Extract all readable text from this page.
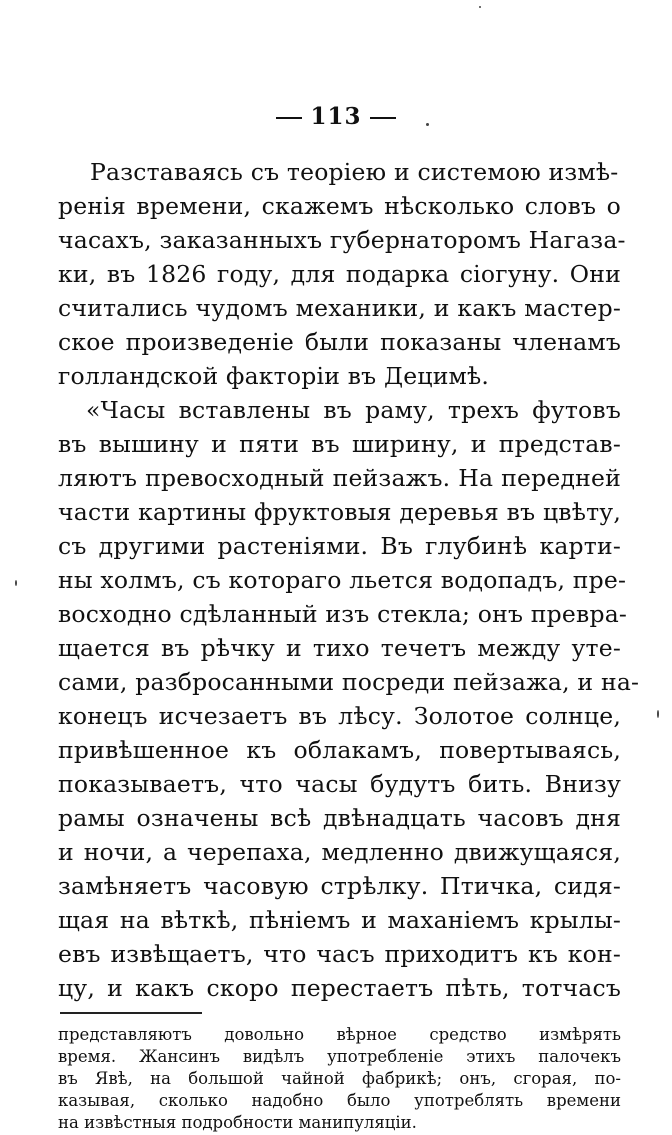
113
Разставаясь съ теоріею и системою измѣ-
ренія времени, скажемъ нѣсколько словъ о
часахъ, заказанныхъ губернаторомъ Нагаза-
ки, въ 1826 году, для подарка сіогуну. Они
считались чудомъ механики, и какъ мастер-
ское произведеніе были показаны членамъ
голландской факторіи въ Децимѣ.
«Часы вставлены въ раму, трехъ футовъ
въ вышину и пяти въ ширину, и представ-
ляютъ превосходный пейзажъ. На передней
части картины фруктовыя деревья въ цвѣту,
съ другими растеніями. Въ глубинѣ карти-
ны холмъ, съ котораго льется водопадъ, пре-
восходно сдѣланный изъ стекла; онъ превра-
щается въ рѣчку и тихо течетъ между уте-
сами, разбросанными посреди пейзажа, и на-
конецъ исчезаетъ въ лѣсу. Золотое солнце,
привѣшенное къ облакамъ, повертываясь,
показываетъ, что часы будутъ бить. Внизу
рамы означены всѣ двѣнадцать часовъ дня
и ночи, а черепаха, медленно движущаяся,
замѣняетъ часовую стрѣлку. Птичка, сидя-
щая на вѣткѣ, пѣніемъ и маханіемъ крылы-
евъ извѣщаетъ, что часъ приходитъ къ кон-
цу, и какъ скоро перестаетъ пѣть, тотчасъ
представляютъ довольно вѣрное средство измѣрять
время. Жансинъ видѣлъ употребленіе этихъ палочекъ
въ Явѣ, на большой чайной фабрикѣ; онъ, сгорая, по-
казывая, сколько надобно было употреблять времени
на извѣстныя подробности манипуляціи.
